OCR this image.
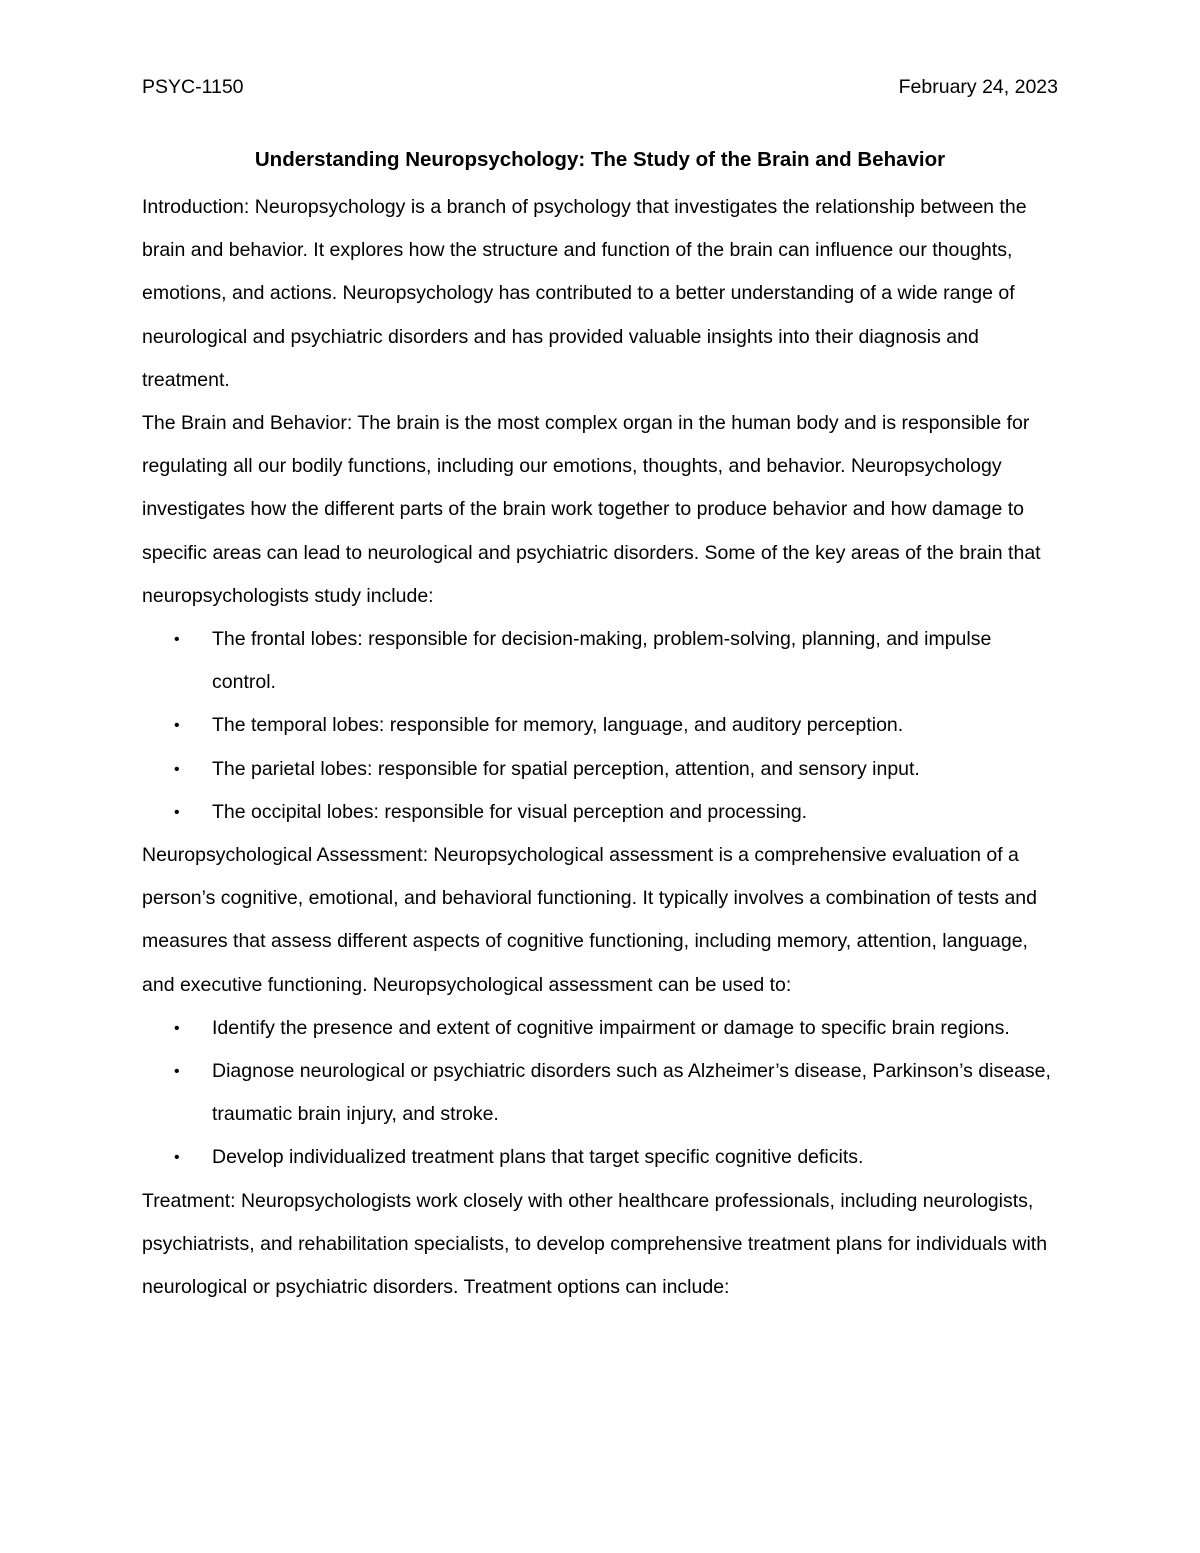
PSYC-1150	February 24, 2023
Understanding Neuropsychology: The Study of the Brain and Behavior

Introduction: Neuropsychology is a branch of psychology that investigates the relationship between the brain and behavior. It explores how the structure and function of the brain can influence our thoughts, emotions, and actions. Neuropsychology has contributed to a better understanding of a wide range of neurological and psychiatric disorders and has provided valuable insights into their diagnosis and treatment.

The Brain and Behavior: The brain is the most complex organ in the human body and is responsible for regulating all our bodily functions, including our emotions, thoughts, and behavior. Neuropsychology investigates how the different parts of the brain work together to produce behavior and how damage to specific areas can lead to neurological and psychiatric disorders. Some of the key areas of the brain that neuropsychologists study include:

• The frontal lobes: responsible for decision-making, problem-solving, planning, and impulse control.
• The temporal lobes: responsible for memory, language, and auditory perception.
• The parietal lobes: responsible for spatial perception, attention, and sensory input.
• The occipital lobes: responsible for visual perception and processing.

Neuropsychological Assessment: Neuropsychological assessment is a comprehensive evaluation of a person’s cognitive, emotional, and behavioral functioning. It typically involves a combination of tests and measures that assess different aspects of cognitive functioning, including memory, attention, language, and executive functioning. Neuropsychological assessment can be used to:

• Identify the presence and extent of cognitive impairment or damage to specific brain regions.
• Diagnose neurological or psychiatric disorders such as Alzheimer’s disease, Parkinson’s disease, traumatic brain injury, and stroke.
• Develop individualized treatment plans that target specific cognitive deficits.

Treatment: Neuropsychologists work closely with other healthcare professionals, including neurologists, psychiatrists, and rehabilitation specialists, to develop comprehensive treatment plans for individuals with neurological or psychiatric disorders. Treatment options can include:
